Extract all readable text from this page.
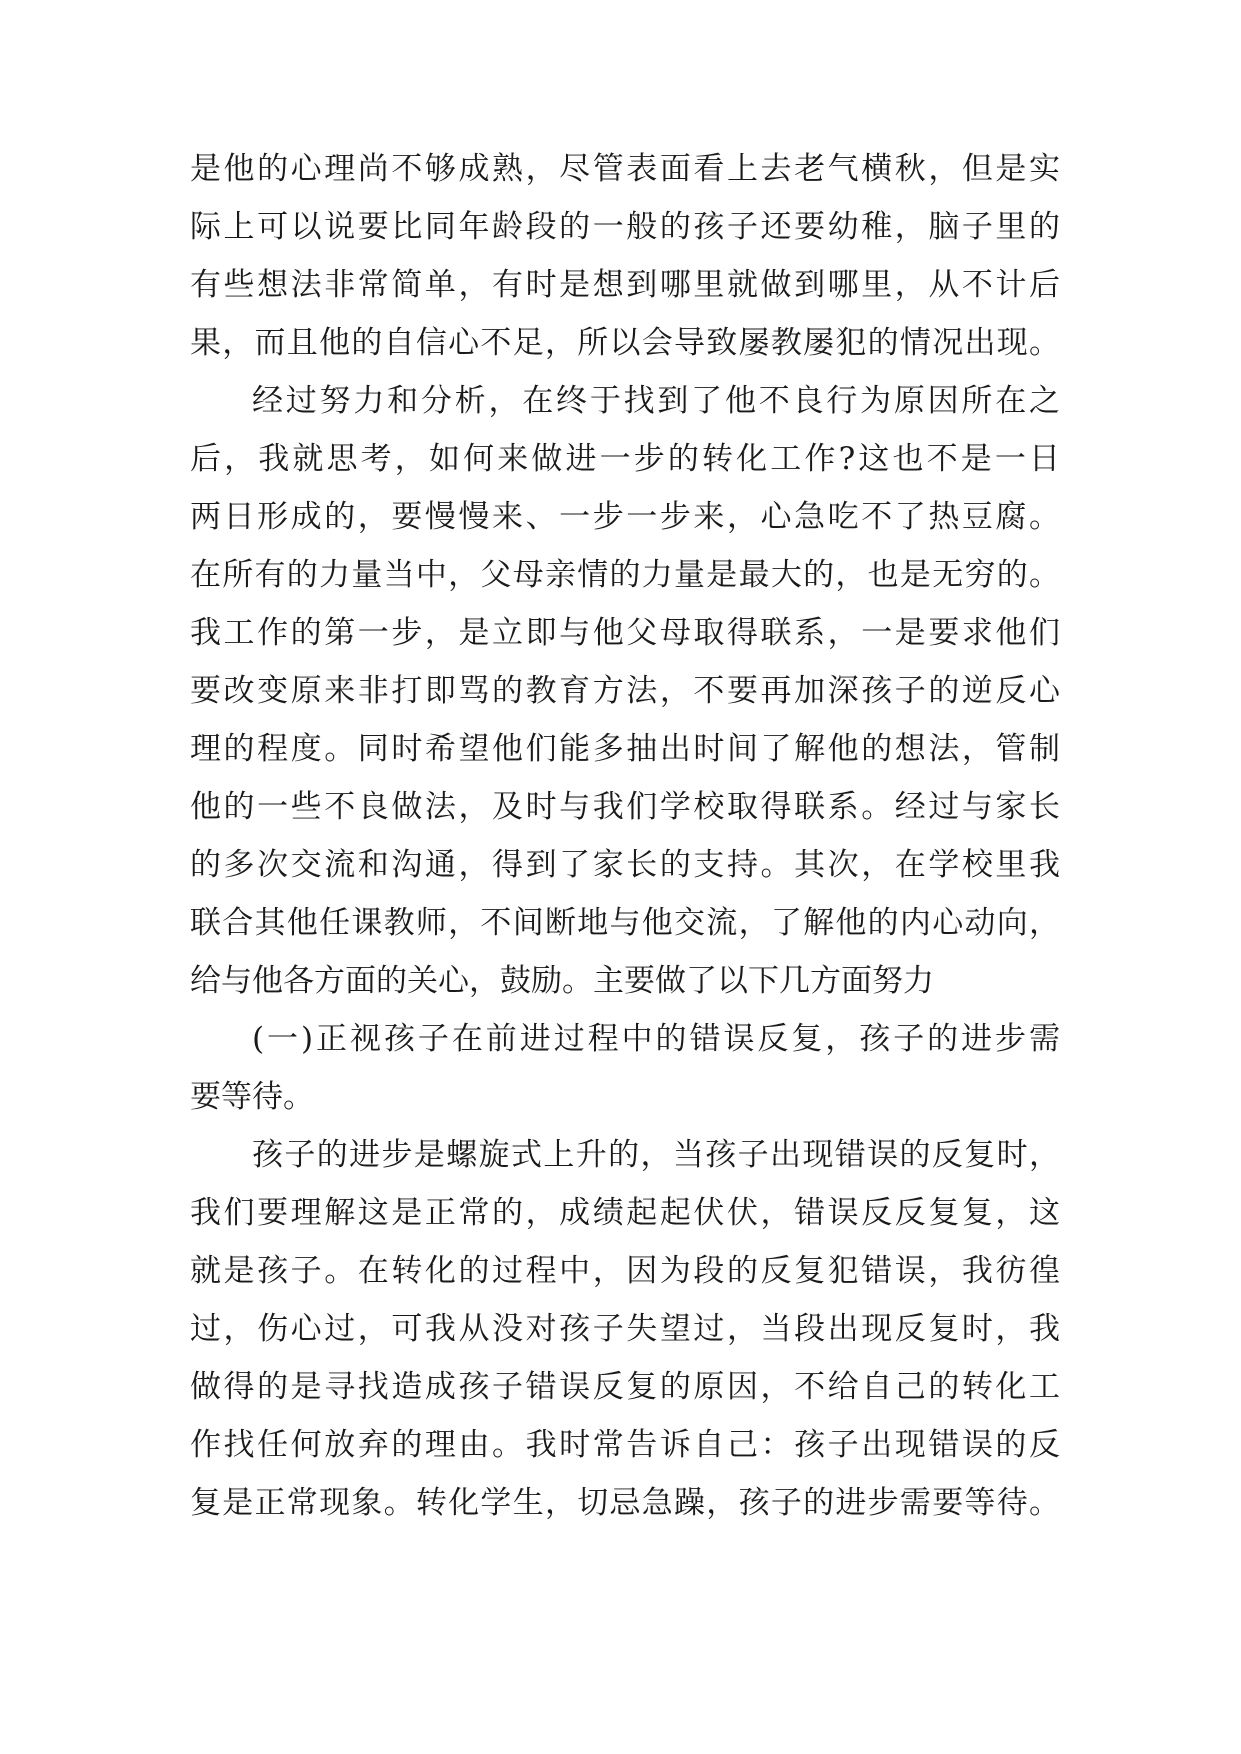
是他的心理尚不够成熟，尽管表面看上去老气横秋，但是实
际上可以说要比同年龄段的一般的孩子还要幼稚，脑子里的
有些想法非常简单，有时是想到哪里就做到哪里，从不计后
果，而且他的自信心不足，所以会导致屡教屡犯的情况出现。
经过努力和分析，在终于找到了他不良行为原因所在之
后，我就思考，如何来做进一步的转化工作?这也不是一日
两日形成的，要慢慢来、一步一步来，心急吃不了热豆腐。
在所有的力量当中，父母亲情的力量是最大的，也是无穷的。
我工作的第一步，是立即与他父母取得联系，一是要求他们
要改变原来非打即骂的教育方法，不要再加深孩子的逆反心
理的程度。同时希望他们能多抽出时间了解他的想法，管制
他的一些不良做法，及时与我们学校取得联系。经过与家长
的多次交流和沟通，得到了家长的支持。其次，在学校里我
联合其他任课教师，不间断地与他交流，了解他的内心动向，
给与他各方面的关心，鼓励。主要做了以下几方面努力
(一)正视孩子在前进过程中的错误反复，孩子的进步需
要等待。
孩子的进步是螺旋式上升的，当孩子出现错误的反复时，
我们要理解这是正常的，成绩起起伏伏，错误反反复复，这
就是孩子。在转化的过程中，因为段的反复犯错误，我彷徨
过，伤心过，可我从没对孩子失望过，当段出现反复时，我
做得的是寻找造成孩子错误反复的原因，不给自己的转化工
作找任何放弃的理由。我时常告诉自己：孩子出现错误的反
复是正常现象。转化学生，切忌急躁，孩子的进步需要等待。
